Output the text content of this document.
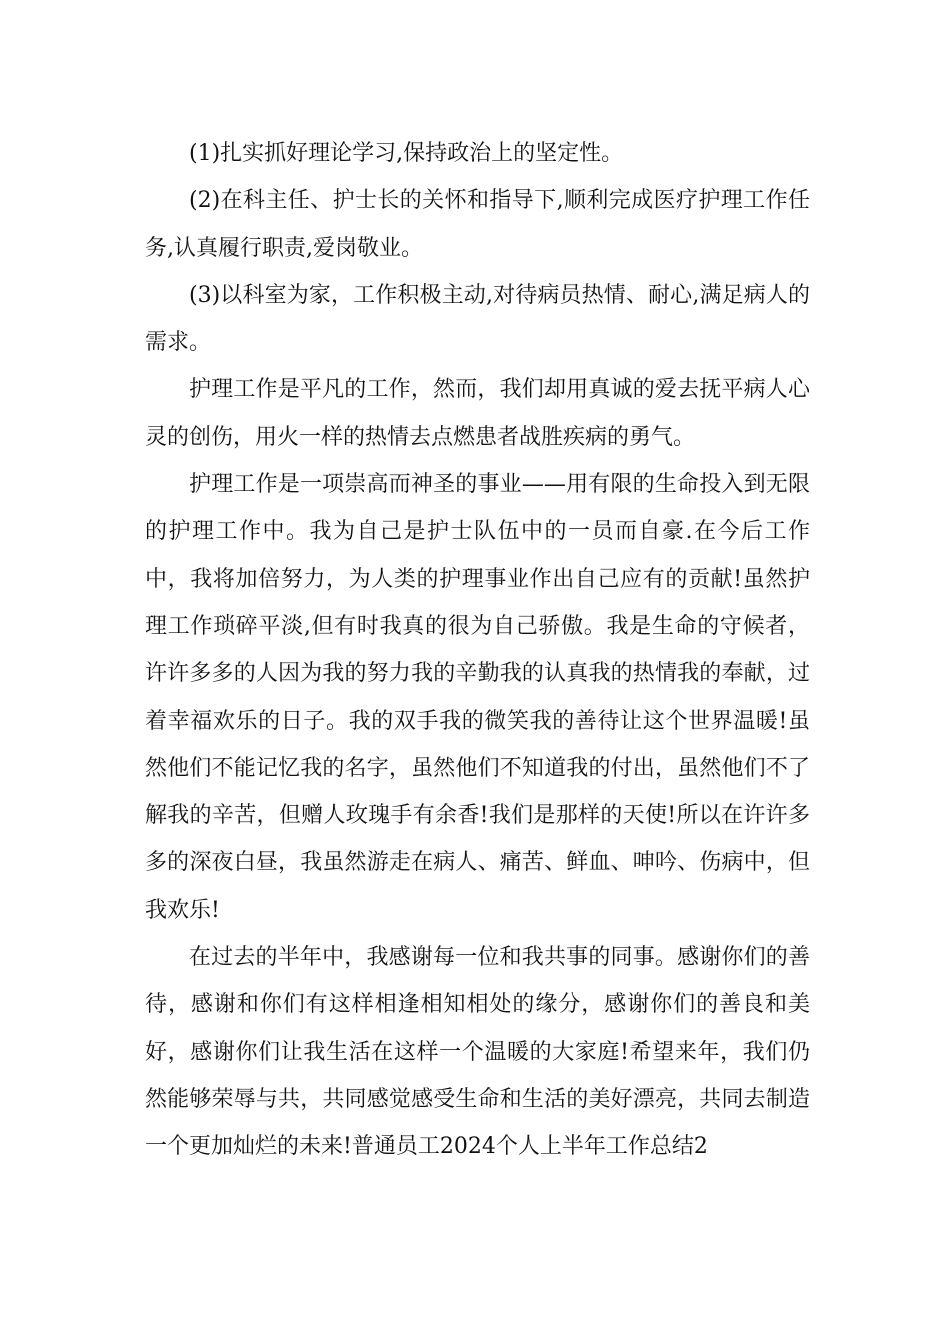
(1)扎实抓好理论学习,保持政治上的坚定性。

(2)在科主任、护士长的关怀和指导下,顺利完成医疗护理工作任务,认真履行职责,爱岗敬业。

(3)以科室为家，工作积极主动,对待病员热情、耐心,满足病人的需求。

护理工作是平凡的工作，然而，我们却用真诚的爱去抚平病人心灵的创伤，用火一样的热情去点燃患者战胜疾病的勇气。

护理工作是一项崇高而神圣的事业——用有限的生命投入到无限的护理工作中。我为自己是护士队伍中的一员而自豪.在今后工作中，我将加倍努力，为人类的护理事业作出自己应有的贡献!虽然护理工作琐碎平淡,但有时我真的很为自己骄傲。我是生命的守候者，许许多多的人因为我的努力我的辛勤我的认真我的热情我的奉献，过着幸福欢乐的日子。我的双手我的微笑我的善待让这个世界温暖!虽然他们不能记忆我的名字，虽然他们不知道我的付出，虽然他们不了解我的辛苦，但赠人玫瑰手有余香!我们是那样的天使!所以在许许多多的深夜白昼，我虽然游走在病人、痛苦、鲜血、呻吟、伤病中，但我欢乐!

在过去的半年中，我感谢每一位和我共事的同事。感谢你们的善待，感谢和你们有这样相逢相知相处的缘分，感谢你们的善良和美好，感谢你们让我生活在这样一个温暖的大家庭!希望来年，我们仍然能够荣辱与共，共同感觉感受生命和生活的美好漂亮，共同去制造一个更加灿烂的未来!普通员工2024个人上半年工作总结2
